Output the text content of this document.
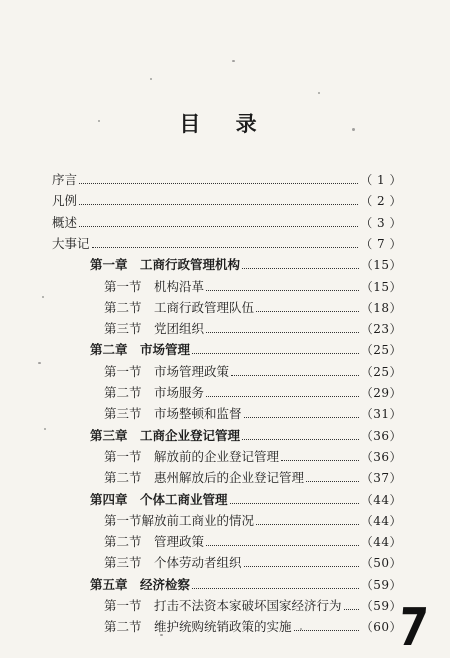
目 录
序言	（ 1 ）
凡例	（ 2 ）
概述	（ 3 ）
大事记	（ 7 ）
第一章　工商行政管理机构	（15）
第一节　机构沿革	（15）
第二节　工商行政管理队伍	（18）
第三节　党团组织	（23）
第二章　市场管理	（25）
第一节　市场管理政策	（25）
第二节　市场服务	（29）
第三节　市场整顿和监督	（31）
第三章　工商企业登记管理	（36）
第一节　解放前的企业登记管理	（36）
第二节　惠州解放后的企业登记管理	（37）
第四章　个体工商业管理	（44）
第一节解放前工商业的情况	（44）
第二节　管理政策	（44）
第三节　个体劳动者组织	（50）
第五章　经济检察	（59）
第一节　打击不法资本家破坏国家经济行为 （59）
第二节　维护统购统销政策的实施	（60）
7
